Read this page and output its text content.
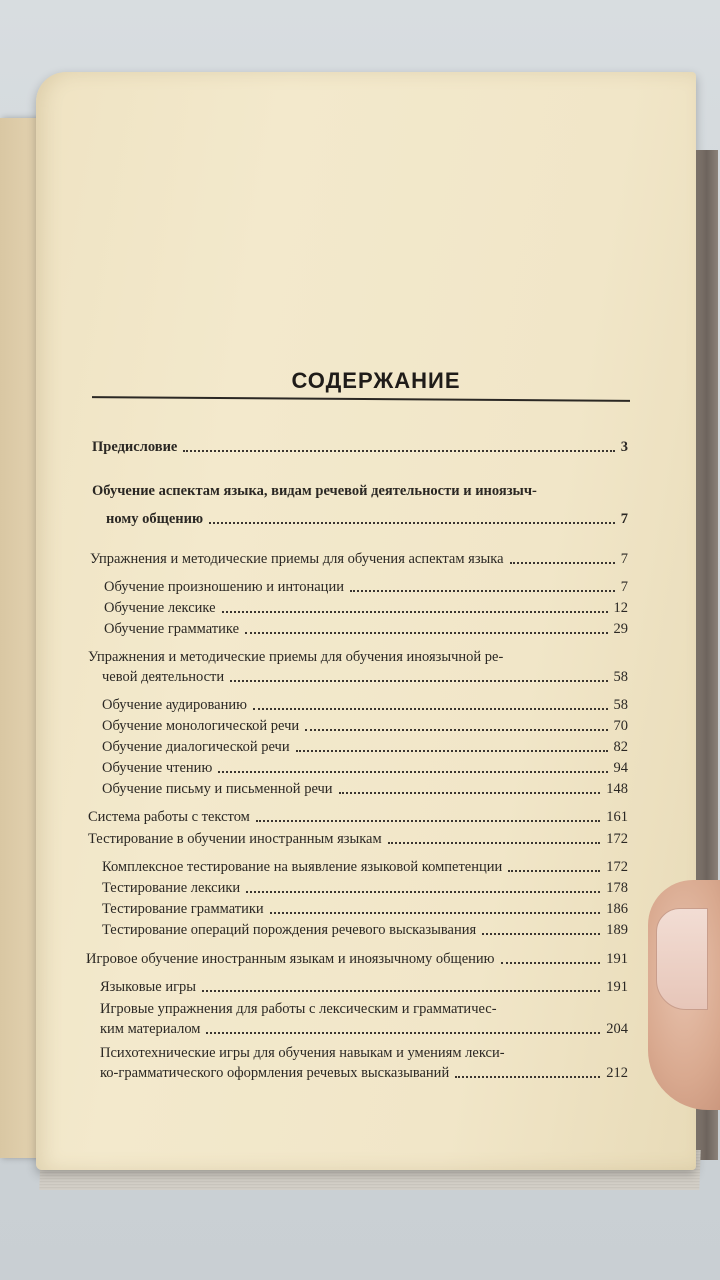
СОДЕРЖАНИЕ
Предисловие	3
Обучение аспектам языка, видам речевой деятельности и иноязыч-
ному общению	7
Упражнения и методические приемы для обучения аспектам языка	7
Обучение произношению и интонации	7
Обучение лексике	12
Обучение грамматике	29
Упражнения и методические приемы для обучения иноязычной ре-
чевой деятельности	58
Обучение аудированию	58
Обучение монологической речи	70
Обучение диалогической речи	82
Обучение чтению	94
Обучение письму и письменной речи	148
Система работы с текстом	161
Тестирование в обучении иностранным языкам	172
Комплексное тестирование на выявление языковой компетенции	172
Тестирование лексики	178
Тестирование грамматики	186
Тестирование операций порождения речевого высказывания	189
Игровое обучение иностранным языкам и иноязычному общению	191
Языковые игры	191
Игровые упражнения для работы с лексическим и грамматичес-
ким материалом	204
Психотехнические игры для обучения навыкам и умениям лекси-
ко-грамматического оформления речевых высказываний	212
